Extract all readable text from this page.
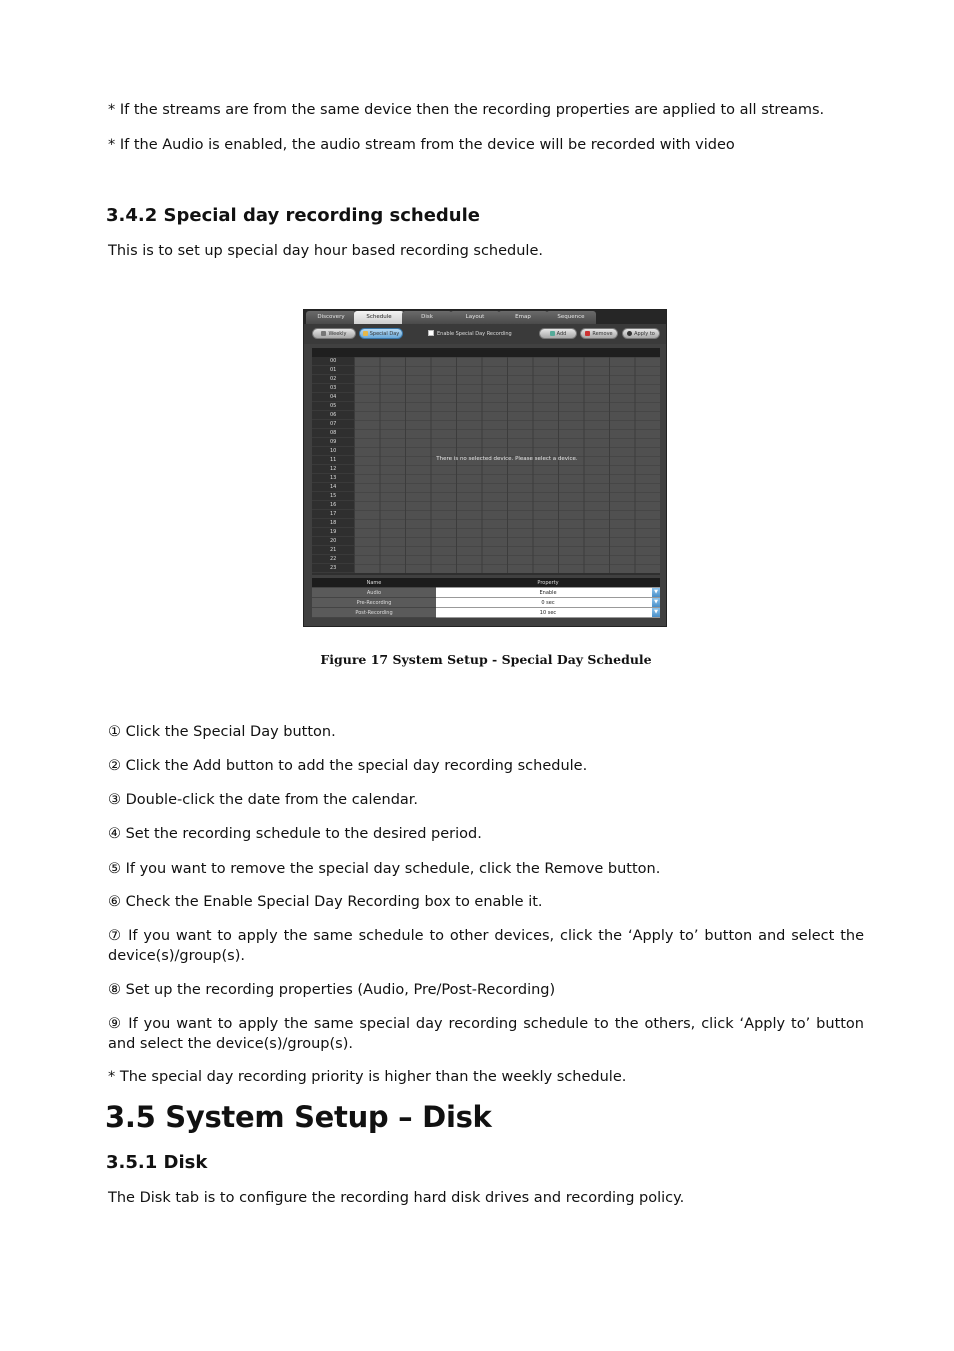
* If the streams are from the same device then the recording properties are applied to all streams.

* If the Audio is enabled, the audio stream from the device will be recorded with video

3.4.2 Special day recording schedule

This is to set up special day hour based recording schedule.

Discovery	Schedule	Disk	Layout	Emap	Sequence
Weekly	Special Day	Enable Special Day Recording	Add	Remove	Apply to
00
01
02
03
04
05
06
07
08
09
10
11
12
13
14
15
16
17
18
19
20
21
22
23
There is no selected device. Please select a device.
Name	Property
Audio	Enable	▼
Pre-Recording	0 sec	▼
Post-Recording	10 sec	▼

Figure 17 System Setup - Special Day Schedule

① Click the Special Day button.

② Click the Add button to add the special day recording schedule.

③ Double-click the date from the calendar.

④ Set the recording schedule to the desired period.

⑤ If you want to remove the special day schedule, click the Remove button.

⑥ Check the Enable Special Day Recording box to enable it.

⑦ If you want to apply the same schedule to other devices, click the ‘Apply to’ button and select the device(s)/group(s).

⑧ Set up the recording properties (Audio, Pre/Post-Recording)

⑨ If you want to apply the same special day recording schedule to the others, click ‘Apply to’ button and select the device(s)/group(s).

* The special day recording priority is higher than the weekly schedule.

3.5 System Setup – Disk
3.5.1 Disk

The Disk tab is to configure the recording hard disk drives and recording policy.
